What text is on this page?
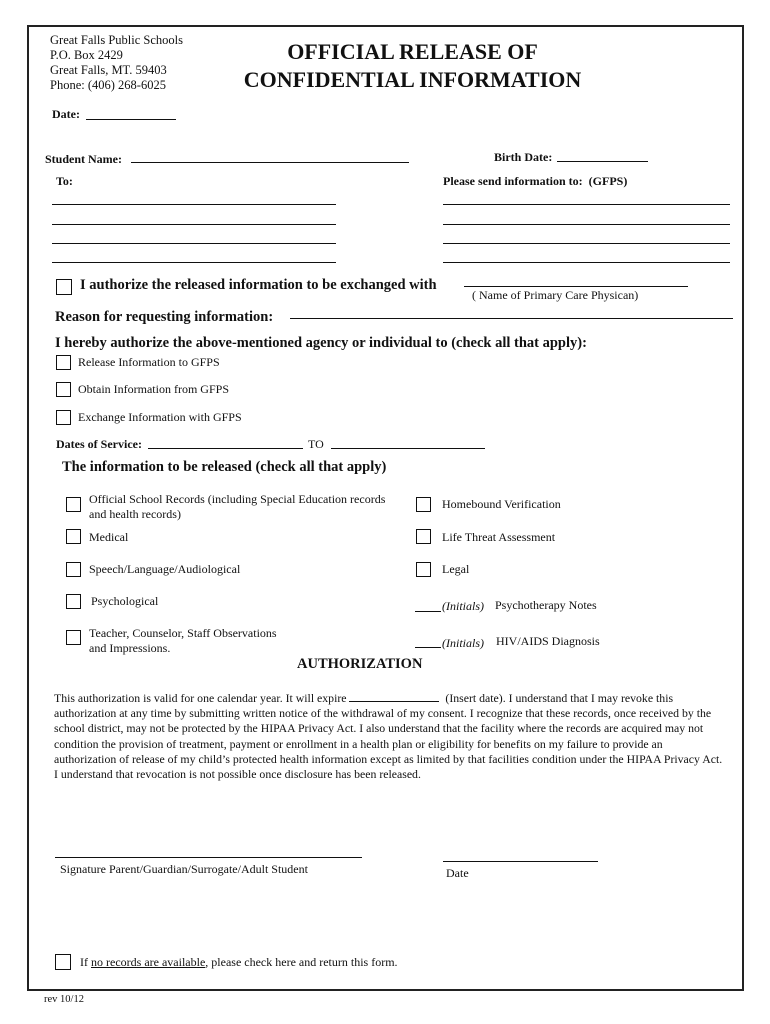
Great Falls Public Schools
P.O. Box 2429
Great Falls, MT. 59403
Phone: (406) 268-6025
OFFICIAL RELEASE OF
CONFIDENTIAL INFORMATION
Date:
Student Name:	Birth Date:
To:	Please send information to: (GFPS)
I authorize the released information to be exchanged with
( Name of Primary Care Physican)
Reason for requesting information:
I hereby authorize the above-mentioned agency or individual to (check all that apply):
Release Information to GFPS
Obtain Information from GFPS
Exchange Information with GFPS
Dates of Service:	TO
The information to be released (check all that apply)
Official School Records (including Special Education records
and health records)
Medical
Speech/Language/Audiological
Psychological
Teacher, Counselor, Staff Observations
and Impressions.
Homebound Verification
Life Threat Assessment
Legal
(Initials) Psychotherapy Notes
(Initials) HIV/AIDS Diagnosis
AUTHORIZATION
This authorization is valid for one calendar year. It will expire	(Insert date). I understand that I may revoke this authorization at any time by submitting written notice of the withdrawal of my consent. I recognize that these records, once received by the school district, may not be protected by the HIPAA Privacy Act. I also understand that the facility where the records are acquired may not condition the provision of treatment, payment or enrollment in a health plan or eligibility for benefits on my failure to provide an authorization of release of my child’s protected health information except as limited by that facilities condition under the HIPAA Privacy Act. I understand that revocation is not possible once disclosure has been released.
Signature Parent/Guardian/Surrogate/Adult Student	Date
If no records are available, please check here and return this form.
rev 10/12
